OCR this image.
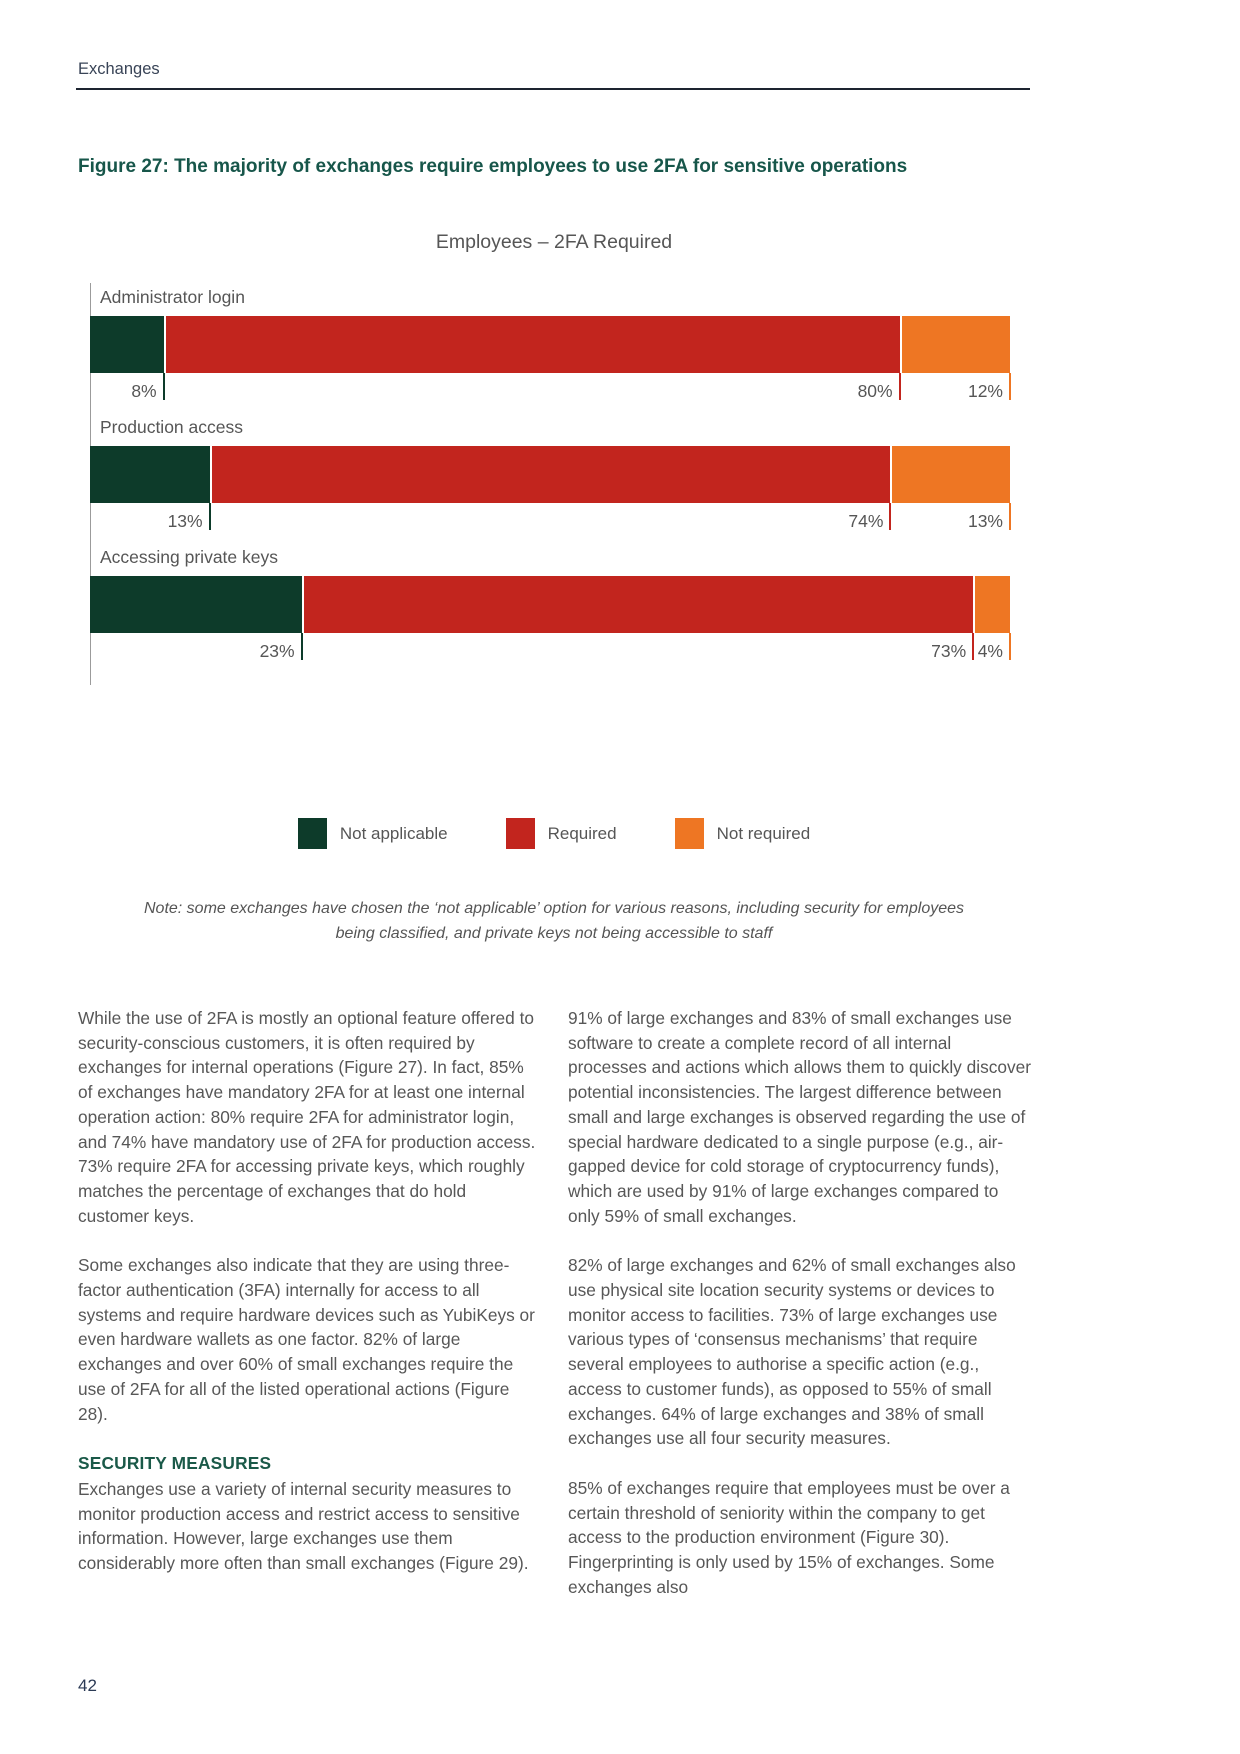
Exchanges
Figure 27: The majority of exchanges require employees to use 2FA for sensitive operations
Employees – 2FA Required
Administrator login
8%	80%	12%
Production access
13%	74%	13%
Accessing private keys
23%	73% 4%
Not applicable	Required	Not required
Note: some exchanges have chosen the ‘not applicable’ option for various reasons, including security for employees
being classified, and private keys not being accessible to staff

While the use of 2FA is mostly an optional feature offered to security-conscious customers, it is often required by exchanges for internal operations (Figure 27). In fact, 85% of exchanges have mandatory 2FA for at least one internal operation action: 80% require 2FA for administrator login, and 74% have mandatory use of 2FA for production access. 73% require 2FA for accessing private keys, which roughly matches the percentage of exchanges that do hold customer keys.

Some exchanges also indicate that they are using three-factor authentication (3FA) internally for access to all systems and require hardware devices such as YubiKeys or even hardware wallets as one factor. 82% of large exchanges and over 60% of small exchanges require the use of 2FA for all of the listed operational actions (Figure 28).

SECURITY MEASURES

Exchanges use a variety of internal security measures to monitor production access and restrict access to sensitive information. However, large exchanges use them considerably more often than small exchanges (Figure 29).

91% of large exchanges and 83% of small exchanges use software to create a complete record of all internal processes and actions which allows them to quickly discover potential inconsistencies. The largest difference between small and large exchanges is observed regarding the use of special hardware dedicated to a single purpose (e.g., air-gapped device for cold storage of cryptocurrency funds), which are used by 91% of large exchanges compared to only 59% of small exchanges.

82% of large exchanges and 62% of small exchanges also use physical site location security systems or devices to monitor access to facilities. 73% of large exchanges use various types of ‘consensus mechanisms’ that require several employees to authorise a specific action (e.g., access to customer funds), as opposed to 55% of small exchanges. 64% of large exchanges and 38% of small exchanges use all four security measures.

85% of exchanges require that employees must be over a certain threshold of seniority within the company to get access to the production environment (Figure 30). Fingerprinting is only used by 15% of exchanges. Some exchanges also

42
